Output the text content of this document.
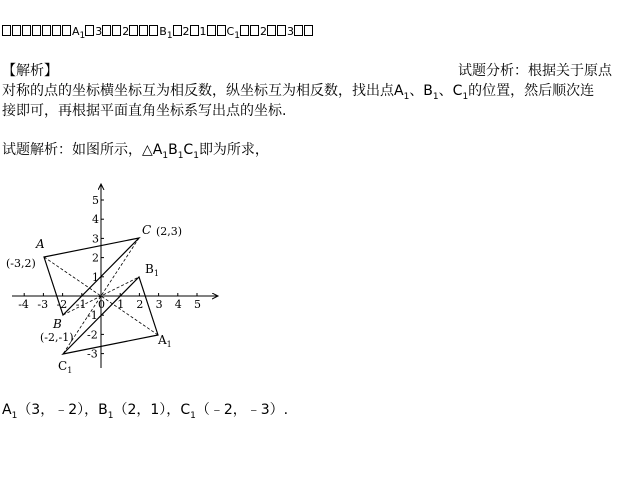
$A_1$ 3 2	$B_1$ 2 1 $C_1$ 2 3
【解析】	试题分析：根据关于原点
对称的点的坐标横坐标互为相反数，纵坐标互为相反数，找出点$A_1$、$B_1$、$C_1$的位置，然后顺次连
接即可，再根据平面直角坐标系写出点的坐标.
试题解析：如图所示，$\triangle A_1B_1C_1$即为所求，
-4 -3 -2 -1 0 1 2 3 4 5
5
4
3
2
1
-1
-2
-3
A
(-3,2)
B
(-2,-1)
C (2,3)
$A_1$
$B_1$
$C_1$
$A_1(3$，﹣2），$B_1(2$，1），$C_1(﹣2$，﹣3）.
